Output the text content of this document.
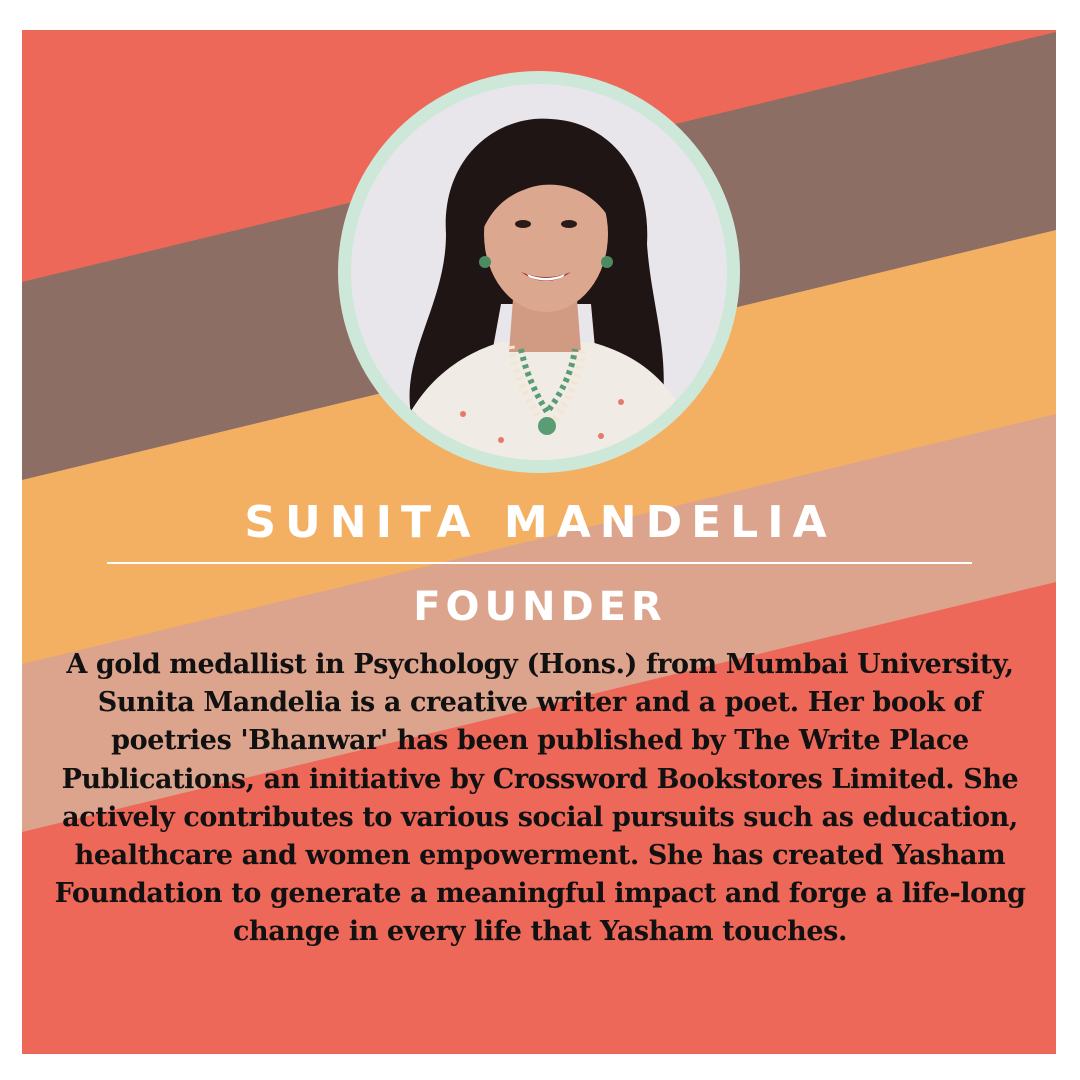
SUNITA MANDELIA
FOUNDER

A gold medallist in Psychology (Hons.) from Mumbai University, Sunita Mandelia is a creative writer and a poet. Her book of poetries 'Bhanwar' has been published by The Write Place Publications, an initiative by Crossword Bookstores Limited. She actively contributes to various social pursuits such as education, healthcare and women empowerment. She has created Yasham Foundation to generate a meaningful impact and forge a life-long change in every life that Yasham touches.
